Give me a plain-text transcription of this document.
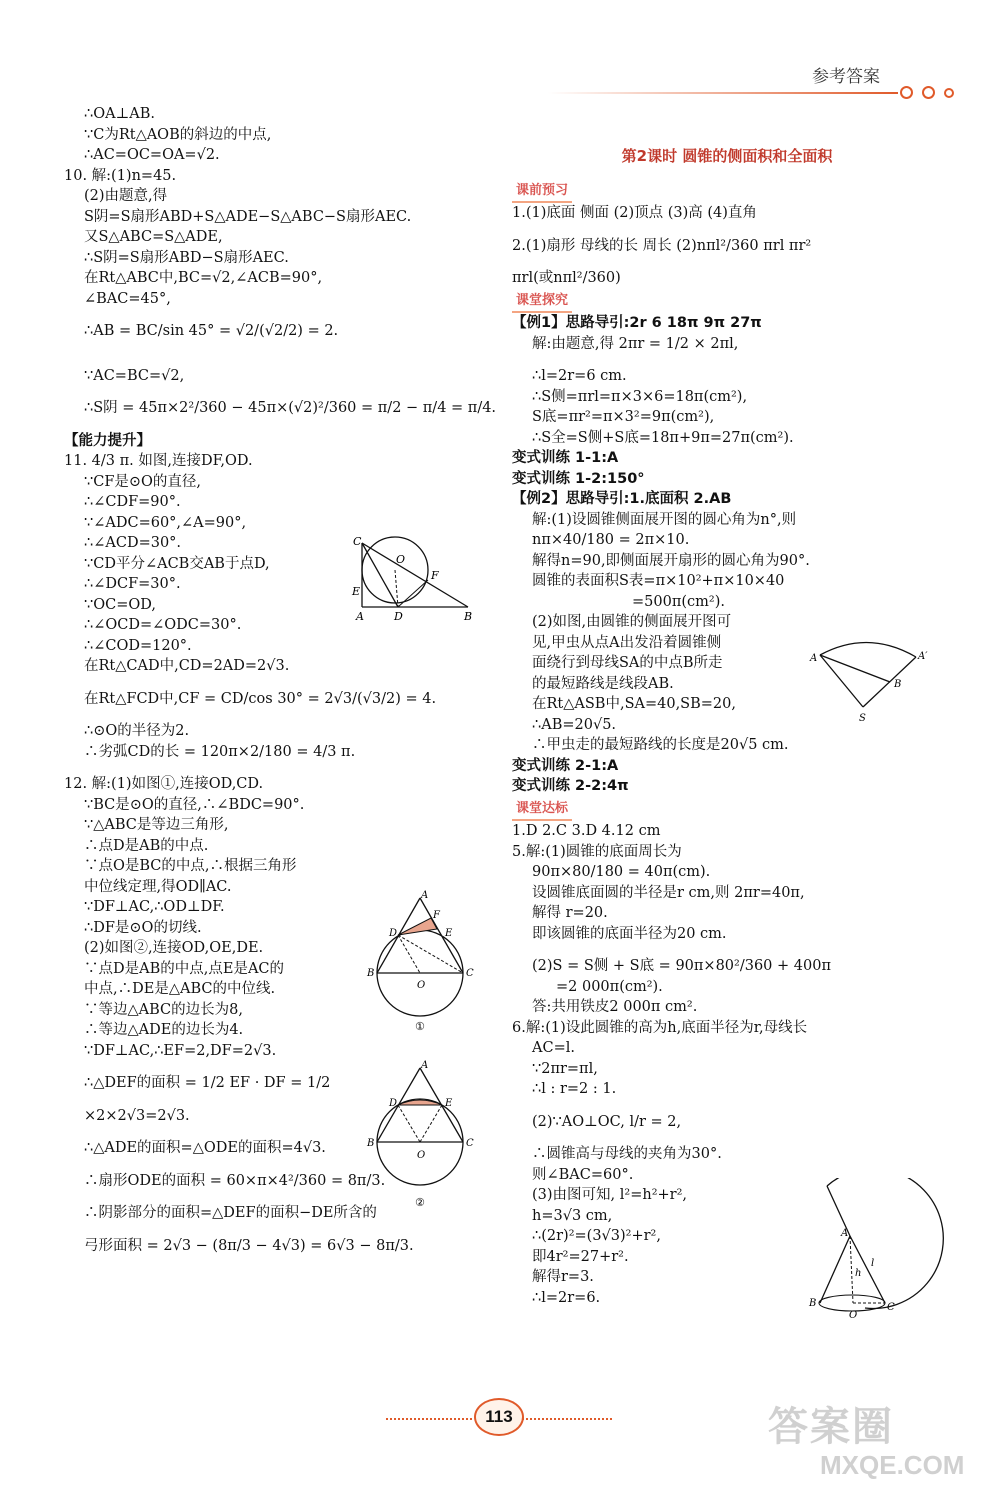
参考答案
∴OA⊥AB.
∵C为Rt△AOB的斜边的中点,
∴AC=OC=OA=√2.
10. 解:(1)n=45.
(2)由题意,得
S阴=S扇形ABD+S△ADE−S△ABC−S扇形AEC.
又S△ABC=S△ADE,
∴S阴=S扇形ABD−S扇形AEC.
在Rt△ABC中,BC=√2,∠ACB=90°,
∠BAC=45°,
∴AB = BC/sin 45° = √2/(√2/2) = 2.
∵AC=BC=√2,
∴S阴 = 45π×2²/360 − 45π×(√2)²/360 = π/2 − π/4 = π/4.
【能力提升】
11. 4/3 π. 如图,连接DF,OD.
∵CF是⊙O的直径,
∴∠CDF=90°.
∵∠ADC=60°,∠A=90°,
∴∠ACD=30°.
∵CD平分∠ACB交AB于点D,
∴∠DCF=30°.
∵OC=OD,
∴∠OCD=∠ODC=30°.
∴∠COD=120°.
在Rt△CAD中,CD=2AD=2√3.
在Rt△FCD中,CF = CD/cos 30° = 2√3/(√3/2) = 4.
∴⊙O的半径为2.
∴劣弧CD的长 = 120π×2/180 = 4/3 π.
12. 解:(1)如图①,连接OD,CD.
∵BC是⊙O的直径,∴∠BDC=90°.
∵△ABC是等边三角形,
∴点D是AB的中点.
∵点O是BC的中点,∴根据三角形
中位线定理,得OD∥AC.
∵DF⊥AC,∴OD⊥DF.
∴DF是⊙O的切线.
(2)如图②,连接OD,OE,DE.
∵点D是AB的中点,点E是AC的
中点,∴DE是△ABC的中位线.
∵等边△ABC的边长为8,
∴等边△ADE的边长为4.
∵DF⊥AC,∴EF=2,DF=2√3.
∴△DEF的面积 = 1/2 EF · DF = 1/2
×2×2√3=2√3.
∴△ADE的面积=△ODE的面积=4√3.
∴扇形ODE的面积 = 60×π×4²/360 = 8π/3.
∴阴影部分的面积=△DEF的面积−DE所含的
弓形面积 = 2√3 − (8π/3 − 4√3) = 6√3 − 8π/3.
C
O
F
E
A	D	B
A
D
F
E
B
O
C
①
A
D	E
B
O
C
②
第2课时 圆锥的侧面积和全面积
课前预习
1.(1)底面 侧面 (2)顶点 (3)高 (4)直角
2.(1)扇形 母线的长 周长 (2)nπl²/360 πrl πr²
πrl(或nπl²/360)
课堂探究
【例1】思路导引:2r 6 18π 9π 27π
解:由题意,得 2πr = 1/2 × 2πl,
∴l=2r=6 cm.
∴S侧=πrl=π×3×6=18π(cm²),
S底=πr²=π×3²=9π(cm²),
∴S全=S侧+S底=18π+9π=27π(cm²).
变式训练 1-1:A
变式训练 1-2:150°
【例2】思路导引:1.底面积 2.AB
解:(1)设圆锥侧面展开图的圆心角为n°,则
nπ×40/180 = 2π×10.
解得n=90,即侧面展开扇形的圆心角为90°.
圆锥的表面积S表=π×10²+π×10×40
=500π(cm²).
(2)如图,由圆锥的侧面展开图可
见,甲虫从点A出发沿着圆锥侧
面绕行到母线SA的中点B所走
的最短路线是线段AB.
在Rt△ASB中,SA=40,SB=20,
∴AB=20√5.
∴甲虫走的最短路线的长度是20√5 cm.
变式训练 2-1:A
变式训练 2-2:4π
课堂达标
1.D 2.C 3.D 4.12 cm
5.解:(1)圆锥的底面周长为
90π×80/180 = 40π(cm).
设圆锥底面圆的半径是r cm,则 2πr=40π,
解得 r=20.
即该圆锥的底面半径为20 cm.
(2)S = S侧 + S底 = 90π×80²/360 + 400π
=2 000π(cm²).
答:共用铁皮2 000π cm².
6.解:(1)设此圆锥的高为h,底面半径为r,母线长
AC=l.
∵2πr=πl,
∴l : r=2 : 1.
(2)∵AO⊥OC, l/r = 2,
∴圆锥高与母线的夹角为30°.
则∠BAC=60°.
(3)由图可知, l²=h²+r²,
h=3√3 cm,
∴(2r)²=(3√3)²+r²,
即4r²=27+r².
解得r=3.
∴l=2r=6.
A	A′
B
S
A
l
h
B
O
C
113	答案圈
MXQE.COM
